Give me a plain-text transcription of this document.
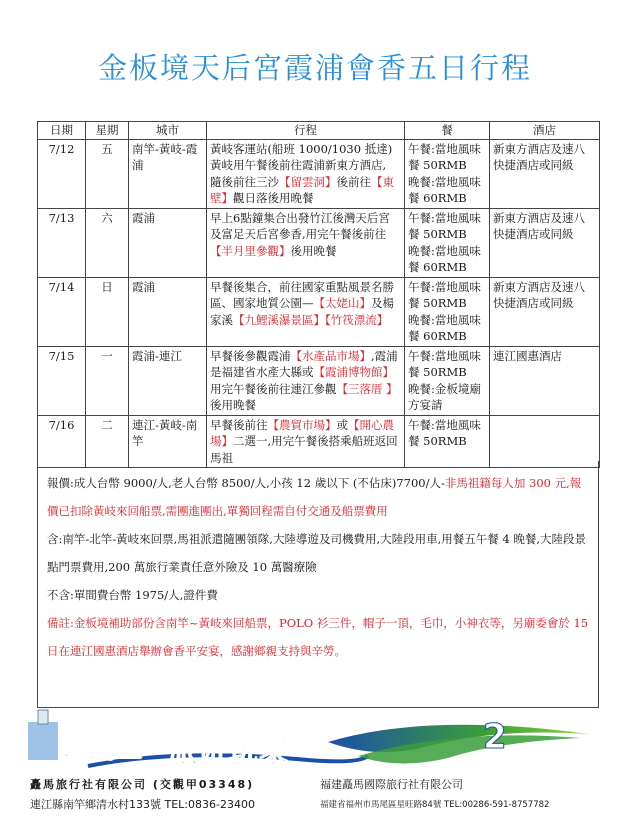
金板境天后宮霞浦會香五日行程
日期	星期	城市	行程	餐	酒店
7/12	五	南竿-黃岐-霞浦	黃岐客運站(船班 1000/1030 抵達)黃岐用午餐後前往霞浦新東方酒店, 隨後前往三沙【留雲洞】後前往【東壁】觀日落後用晚餐	午餐:當地風味餐 50RMB
晚餐:當地風味餐 60RMB	新東方酒店及速八快捷酒店或同級
7/13	六	霞浦	早上6點鐘集合出發竹江後灣天后宮及富足天后宮參香,用完午餐後前往【半月里參觀】後用晚餐	午餐:當地風味餐 50RMB
晚餐:當地風味餐 60RMB	新東方酒店及速八快捷酒店或同級
7/14	日	霞浦	早餐後集合，前往國家重點風景名勝區、國家地質公園—【太姥山】及楊家溪【九鯉溪瀑景區】【竹筏漂流】	午餐:當地風味餐 50RMB
晚餐:當地風味餐 60RMB	新東方酒店及速八快捷酒店或同級
7/15	一	霞浦-連江	早餐後參觀霞浦【水產品市場】,霞浦是福建省水產大縣或【霞浦博物館】用完午餐後前往連江參觀【三落厝 】後用晚餐	午餐:當地風味餐 50RMB
晚餐:金板境廟方宴請	連江國惠酒店
7/16	二	連江-黃岐-南竿	早餐後前往【農貿市場】或【開心農場】二選一,用完午餐後搭乘船班返回馬祖	午餐:當地風味餐 50RMB	

報價:成人台幣 9000/人,老人台幣 8500/人,小孩 12 歲以下 (不佔床)7700/人-非馬祖籍每人加 300 元,報價已扣除黃岐來回船票,需團進團出,單獨回程需自付交通及船票費用

含:南竿-北竿-黃岐來回票,馬祖派遣隨團領隊,大陸導遊及司機費用,大陸段用車,用餐五午餐 4 晚餐,大陸段景點門票費用,200 萬旅行業責任意外險及 10 萬醫療險

不含:單間費台幣 1975/人,證件費

備註:金板境補助部份含南竿~黃岐來回船票，POLO 衫三件，帽子一頂，毛巾，小神衣等，另廟委會於 15 日在連江國惠酒店舉辦會香平安宴，感謝鄉親支持與辛勞。

2
馬祖 旅遊玩家
矗馬旅行社有限公司 (交觀甲03348)	福建矗馬國際旅行社有限公司
連江縣南竿鄉清水村133號 TEL:0836-23400	福建省福州市馬尾區星旺路84號 TEL:00286-591-8757782
